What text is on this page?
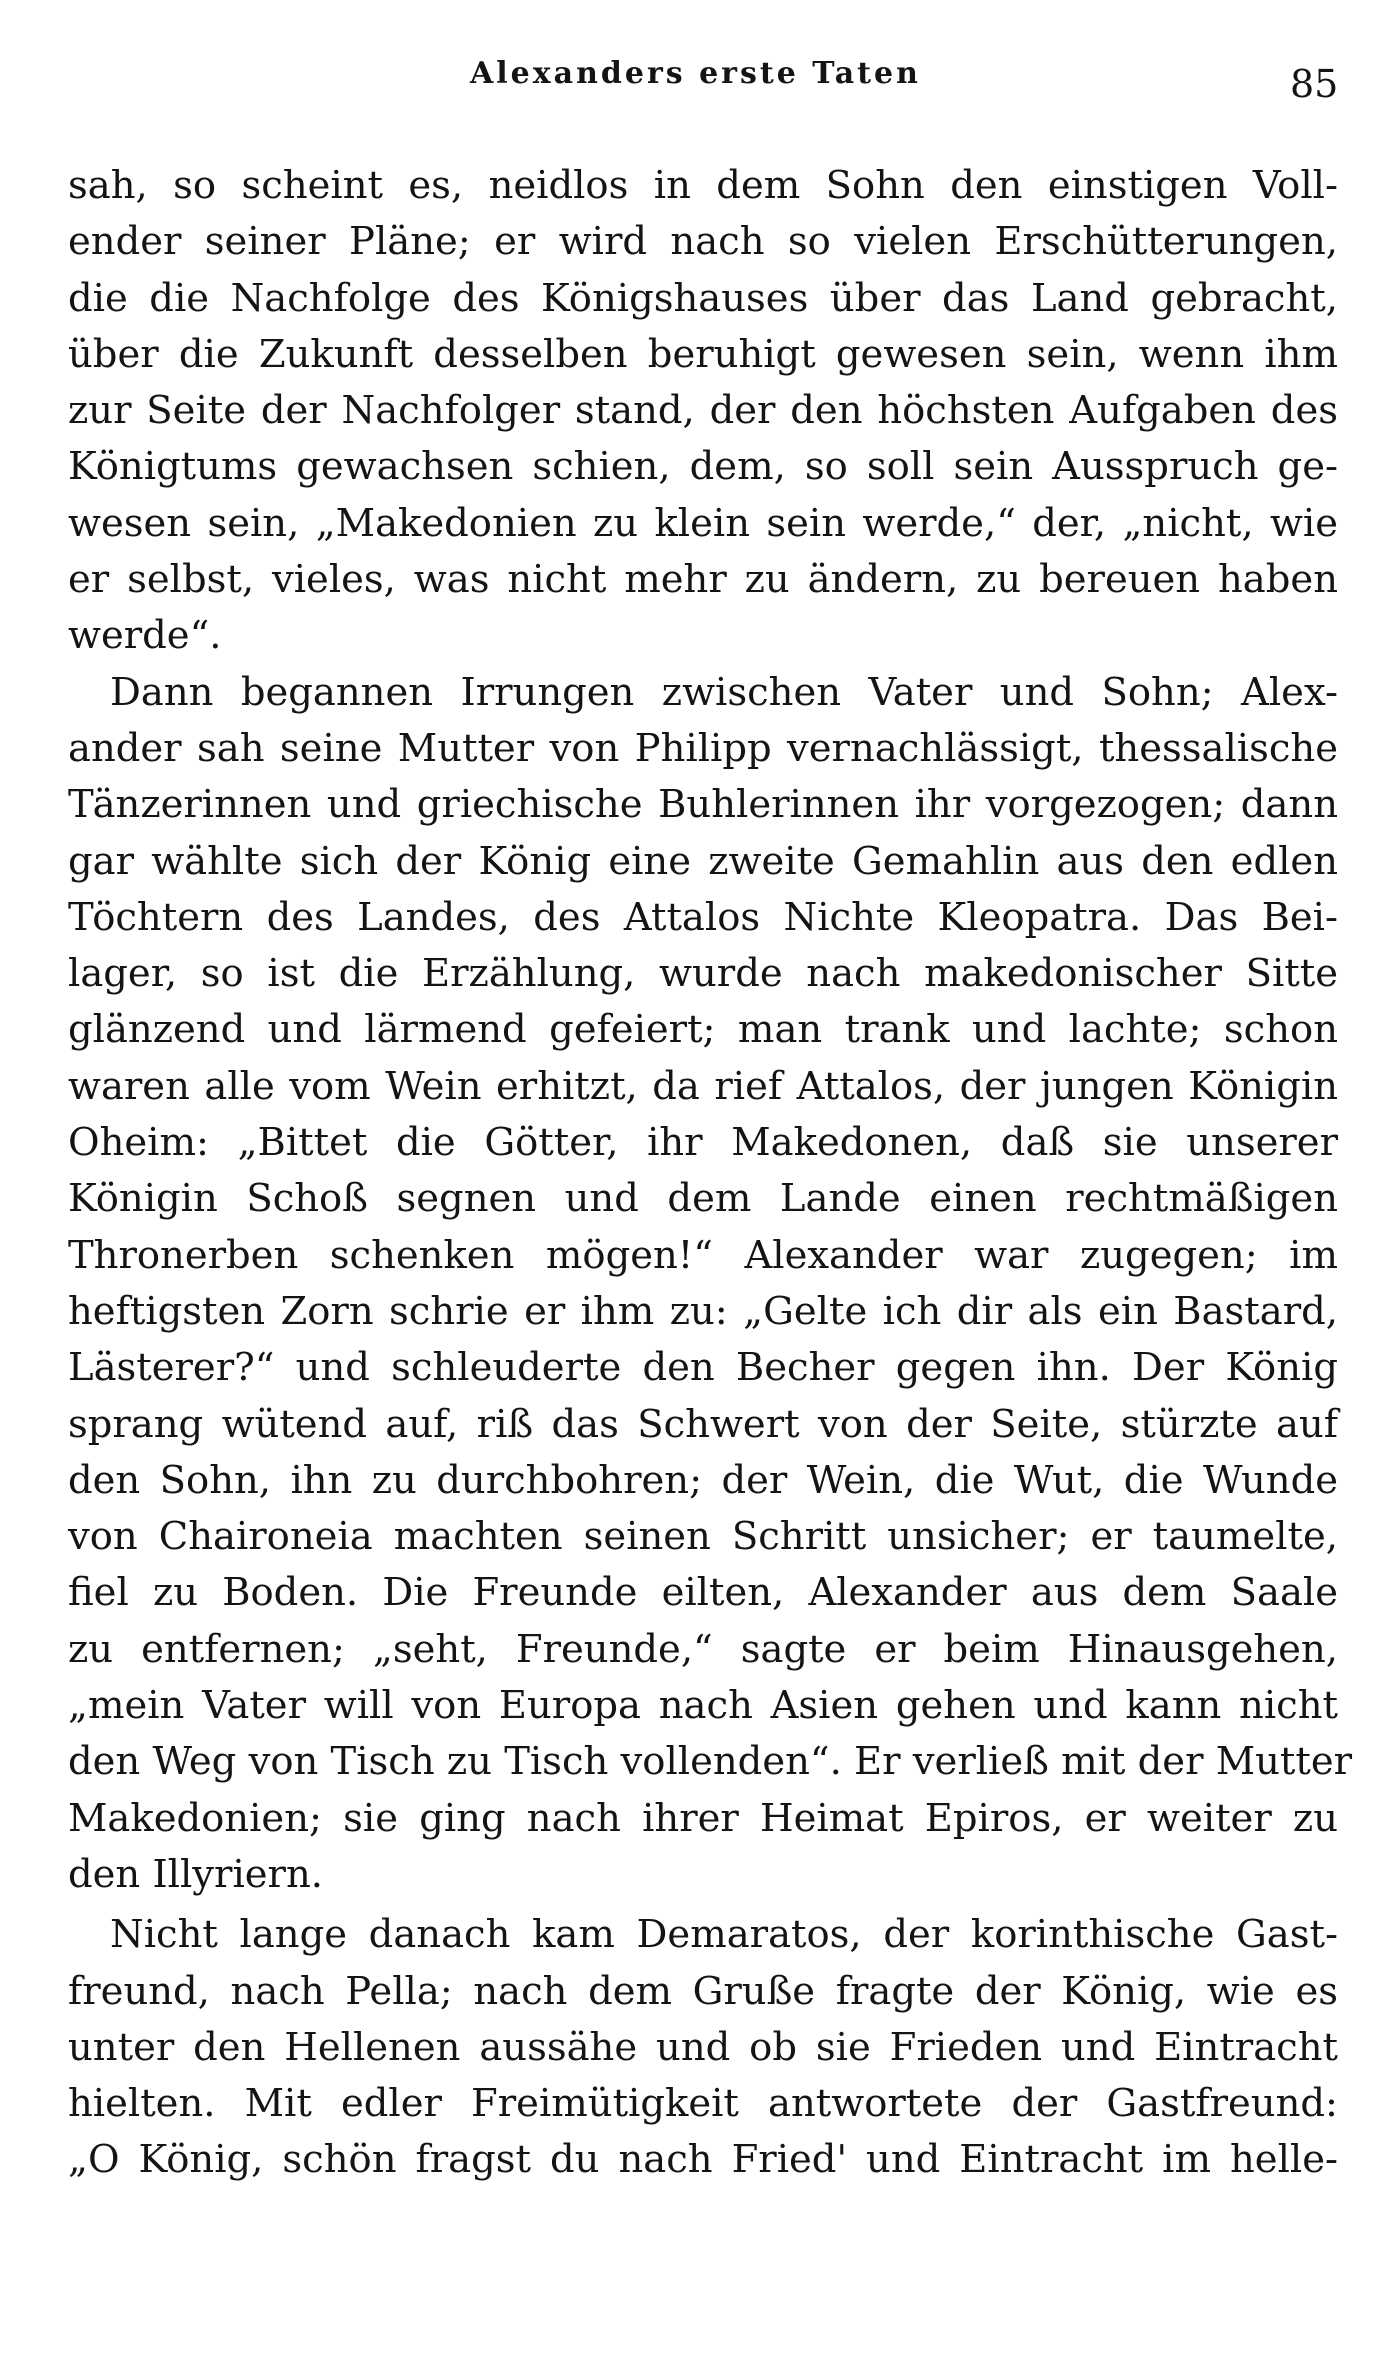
Alexanders erste Taten	85
sah, so scheint es, neidlos in dem Sohn den einstigen Voll-
ender seiner Pläne; er wird nach so vielen Erschütterungen,
die die Nachfolge des Königshauses über das Land gebracht,
über die Zukunft desselben beruhigt gewesen sein, wenn ihm
zur Seite der Nachfolger stand, der den höchsten Aufgaben des
Königtums gewachsen schien, dem, so soll sein Ausspruch ge-
wesen sein, „Makedonien zu klein sein werde,“ der, „nicht, wie
er selbst, vieles, was nicht mehr zu ändern, zu bereuen haben
werde“.
Dann begannen Irrungen zwischen Vater und Sohn; Alex-
ander sah seine Mutter von Philipp vernachlässigt, thessalische
Tänzerinnen und griechische Buhlerinnen ihr vorgezogen; dann
gar wählte sich der König eine zweite Gemahlin aus den edlen
Töchtern des Landes, des Attalos Nichte Kleopatra. Das Bei-
lager, so ist die Erzählung, wurde nach makedonischer Sitte
glänzend und lärmend gefeiert; man trank und lachte; schon
waren alle vom Wein erhitzt, da rief Attalos, der jungen Königin
Oheim: „Bittet die Götter, ihr Makedonen, daß sie unserer
Königin Schoß segnen und dem Lande einen rechtmäßigen
Thronerben schenken mögen!“ Alexander war zugegen; im
heftigsten Zorn schrie er ihm zu: „Gelte ich dir als ein Bastard,
Lästerer?“ und schleuderte den Becher gegen ihn. Der König
sprang wütend auf, riß das Schwert von der Seite, stürzte auf
den Sohn, ihn zu durchbohren; der Wein, die Wut, die Wunde
von Chaironeia machten seinen Schritt unsicher; er taumelte,
fiel zu Boden. Die Freunde eilten, Alexander aus dem Saale
zu entfernen; „seht, Freunde,“ sagte er beim Hinausgehen,
„mein Vater will von Europa nach Asien gehen und kann nicht
den Weg von Tisch zu Tisch vollenden“. Er verließ mit der Mutter
Makedonien; sie ging nach ihrer Heimat Epiros, er weiter zu
den Illyriern.
Nicht lange danach kam Demaratos, der korinthische Gast-
freund, nach Pella; nach dem Gruße fragte der König, wie es
unter den Hellenen aussähe und ob sie Frieden und Eintracht
hielten. Mit edler Freimütigkeit antwortete der Gastfreund:
„O König, schön fragst du nach Fried' und Eintracht im helle-
